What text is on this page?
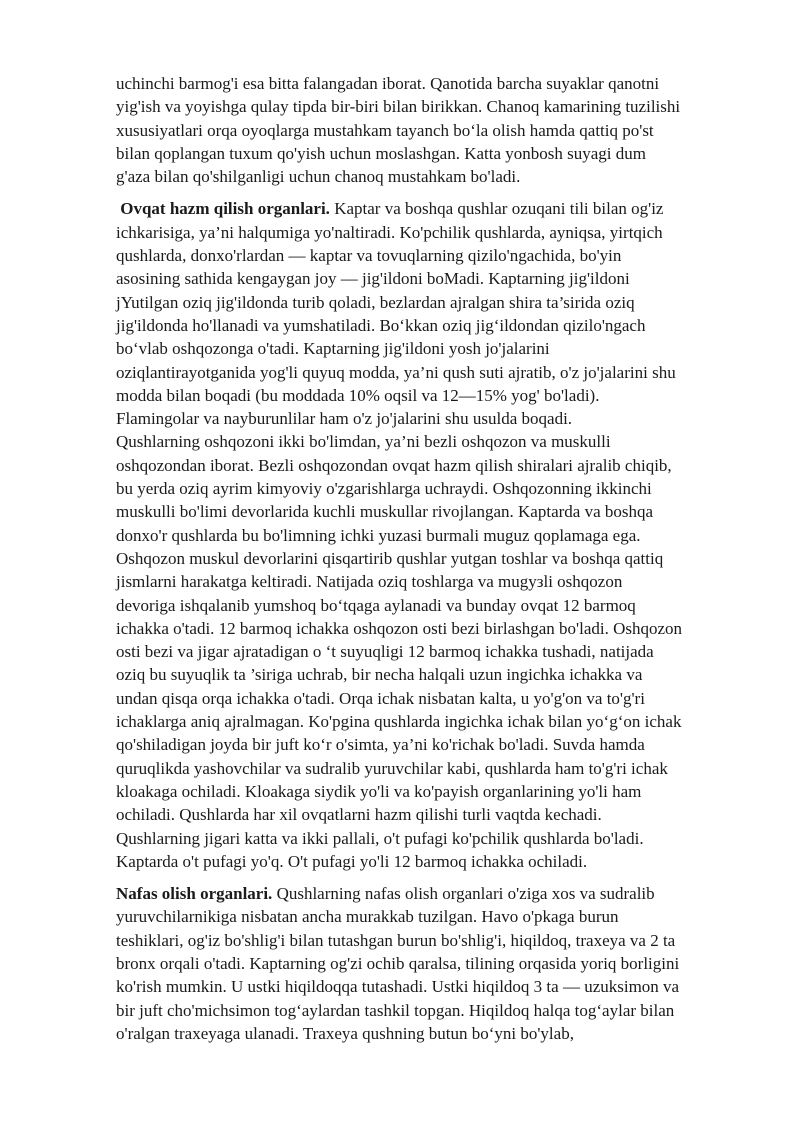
uchinchi barmog'i esa bitta falangadan iborat. Qanotida barcha suyaklar qanotni
yig'ish va yoyishga qulay tipda bir-biri bilan birikkan. Chanoq kamarining tuzilishi
xususiyatlari orqa oyoqlarga mustahkam tayanch bo‘la olish hamda qattiq po'st
bilan qoplangan tuxum qo'yish uchun moslashgan. Katta yonbosh suyagi dum
g'aza bilan qo'shilganligi uchun chanoq mustahkam bo'ladi.

Ovqat hazm qilish organlari. Kaptar va boshqa qushlar ozuqani tili bilan og'iz
ichkarisiga, ya’ni halqumiga yo'naltiradi. Ko'pchilik qushlarda, ayniqsa, yirtqich
qushlarda, donxo'rlardan — kaptar va tovuqlarning qizilo'ngachida, bo'yin
asosining sathida kengaygan joy — jig'ildoni boMadi. Kaptarning jig'ildoni
jYutilgan oziq jig'ildonda turib qoladi, bezlardan ajralgan shira ta’sirida oziq
jig'ildonda ho'llanadi va yumshatiladi. Bo‘kkan oziq jig‘ildondan qizilo'ngach
bo‘vlab oshqozonga o'tadi. Kaptarning jig'ildoni yosh jo'jalarini
oziqlantirayotganida yog'li quyuq modda, ya’ni qush suti ajratib, o'z jo'jalarini shu
modda bilan boqadi (bu moddada 10% oqsil va 12—15% yog' bo'ladi).
Flamingolar va nayburunlilar ham o'z jo'jalarini shu usulda boqadi.
Qushlarning oshqozoni ikki bo'limdan, ya’ni bezli oshqozon va muskulli
oshqozondan iborat. Bezli oshqozondan ovqat hazm qilish shiralari ajralib chiqib,
bu yerda oziq ayrim kimyoviy o'zgarishlarga uchraydi. Oshqozonning ikkinchi
muskulli bo'limi devorlarida kuchli muskullar rivojlangan. Kaptarda va boshqa
donxo'r qushlarda bu bo'limning ichki yuzasi burmali muguz qoplamaga ega.
Oshqozon muskul devorlarini qisqartirib qushlar yutgan toshlar va boshqa qattiq
jismlarni harakatga keltiradi. Natijada oziq toshlarga va mugузli oshqozon
devoriga ishqalanib yumshoq bo‘tqaga aylanadi va bunday ovqat 12 barmoq
ichakka o'tadi. 12 barmoq ichakka oshqozon osti bezi birlashgan bo'ladi. Oshqozon
osti bezi va jigar ajratadigan o ‘t suyuqligi 12 barmoq ichakka tushadi, natijada
oziq bu suyuqlik ta ’siriga uchrab, bir necha halqali uzun ingichka ichakka va
undan qisqa orqa ichakka o'tadi. Orqa ichak nisbatan kalta, u yo'g'on va to'g'ri
ichaklarga aniq ajralmagan. Ko'pgina qushlarda ingichka ichak bilan yo‘g‘on ichak
qo'shiladigan joyda bir juft ko‘r o'simta, ya’ni ko'richak bo'ladi. Suvda hamda
quruqlikda yashovchilar va sudralib yuruvchilar kabi, qushlarda ham to'g'ri ichak
kloakaga ochiladi. Kloakaga siydik yo'li va ko'payish organlarining yo'li ham
ochiladi. Qushlarda har xil ovqatlarni hazm qilishi turli vaqtda kechadi.
Qushlarning jigari katta va ikki pallali, o't pufagi ko'pchilik qushlarda bo'ladi.
Kaptarda o't pufagi yo'q. O't pufagi yo'li 12 barmoq ichakka ochiladi.

Nafas olish organlari. Qushlarning nafas olish organlari o'ziga xos va sudralib
yuruvchilarnikiga nisbatan ancha murakkab tuzilgan. Havo o'pkaga burun
teshiklari, og'iz bo'shlig'i bilan tutashgan burun bo'shlig'i, hiqildoq, traxeya va 2 ta
bronx orqali o'tadi. Kaptarning og'zi ochib qaralsa, tilining orqasida yoriq borligini
ko'rish mumkin. U ustki hiqildoqqa tutashadi. Ustki hiqildoq 3 ta — uzuksimon va
bir juft cho'michsimon tog‘aylardan tashkil topgan. Hiqildoq halqa tog‘aylar bilan
o'ralgan traxeyaga ulanadi. Traxeya qushning butun bo‘yni bo'ylab,
